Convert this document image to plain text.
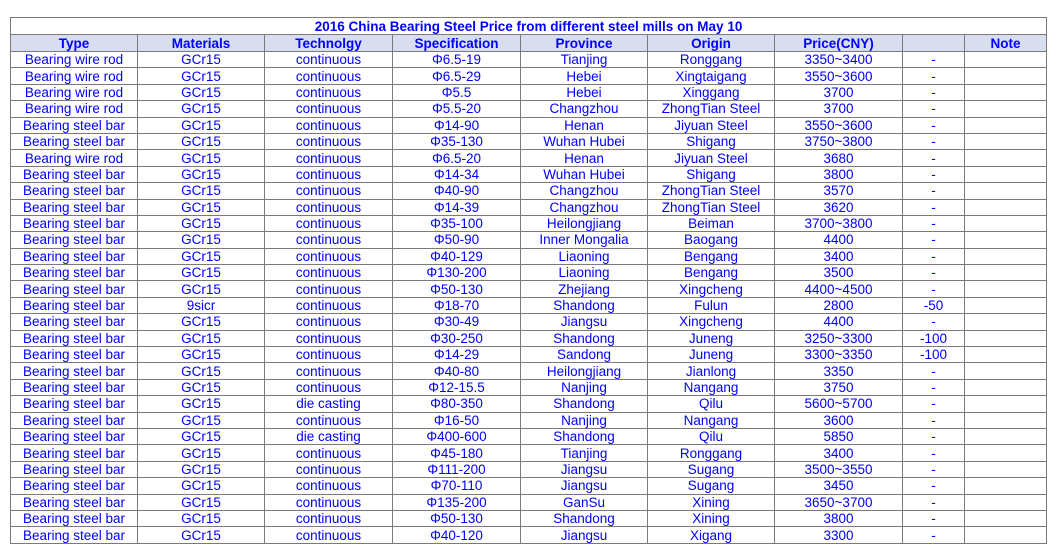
2016 China Bearing Steel Price from different steel mills on May 10								
Type	Materials	Technolgy	Specification	Province	Origin	Price(CNY)		Note
Bearing wire rod	GCr15	continuous	Φ6.5-19	Tianjing	Ronggang	3350~3400	-	
Bearing wire rod	GCr15	continuous	Φ6.5-29	Hebei	Xingtaigang	3550~3600	-	
Bearing wire rod	GCr15	continuous	Φ5.5	Hebei	Xinggang	3700	-	
Bearing wire rod	GCr15	continuous	Φ5.5-20	Changzhou	ZhongTian Steel	3700	-	
Bearing steel bar	GCr15	continuous	Φ14-90	Henan	Jiyuan Steel	3550~3600	-	
Bearing steel bar	GCr15	continuous	Φ35-130	Wuhan Hubei	Shigang	3750~3800	-	
Bearing wire rod	GCr15	continuous	Φ6.5-20	Henan	Jiyuan Steel	3680	-	
Bearing steel bar	GCr15	continuous	Φ14-34	Wuhan Hubei	Shigang	3800	-	
Bearing steel bar	GCr15	continuous	Φ40-90	Changzhou	ZhongTian Steel	3570	-	
Bearing steel bar	GCr15	continuous	Φ14-39	Changzhou	ZhongTian Steel	3620	-	
Bearing steel bar	GCr15	continuous	Φ35-100	Heilongjiang	Beiman	3700~3800	-	
Bearing steel bar	GCr15	continuous	Φ50-90	Inner Mongalia	Baogang	4400	-	
Bearing steel bar	GCr15	continuous	Φ40-129	Liaoning	Bengang	3400	-	
Bearing steel bar	GCr15	continuous	Φ130-200	Liaoning	Bengang	3500	-	
Bearing steel bar	GCr15	continuous	Φ50-130	Zhejiang	Xingcheng	4400~4500	-	
Bearing steel bar	9sicr	continuous	Φ18-70	Shandong	Fulun	2800	-50	
Bearing steel bar	GCr15	continuous	Φ30-49	Jiangsu	Xingcheng	4400	-	
Bearing steel bar	GCr15	continuous	Φ30-250	Shandong	Juneng	3250~3300	-100	
Bearing steel bar	GCr15	continuous	Φ14-29	Sandong	Juneng	3300~3350	-100	
Bearing steel bar	GCr15	continuous	Φ40-80	Heilongjiang	Jianlong	3350	-	
Bearing steel bar	GCr15	continuous	Φ12-15.5	Nanjing	Nangang	3750	-	
Bearing steel bar	GCr15	die casting	Φ80-350	Shandong	Qilu	5600~5700	-	
Bearing steel bar	GCr15	continuous	Φ16-50	Nanjing	Nangang	3600	-	
Bearing steel bar	GCr15	die casting	Φ400-600	Shandong	Qilu	5850	-	
Bearing steel bar	GCr15	continuous	Φ45-180	Tianjing	Ronggang	3400	-	
Bearing steel bar	GCr15	continuous	Φ111-200	Jiangsu	Sugang	3500~3550	-	
Bearing steel bar	GCr15	continuous	Φ70-110	Jiangsu	Sugang	3450	-	
Bearing steel bar	GCr15	continuous	Φ135-200	GanSu	Xining	3650~3700	-	
Bearing steel bar	GCr15	continuous	Φ50-130	Shandong	Xining	3800	-	
Bearing steel bar	GCr15	continuous	Φ40-120	Jiangsu	Xigang	3300	-	
